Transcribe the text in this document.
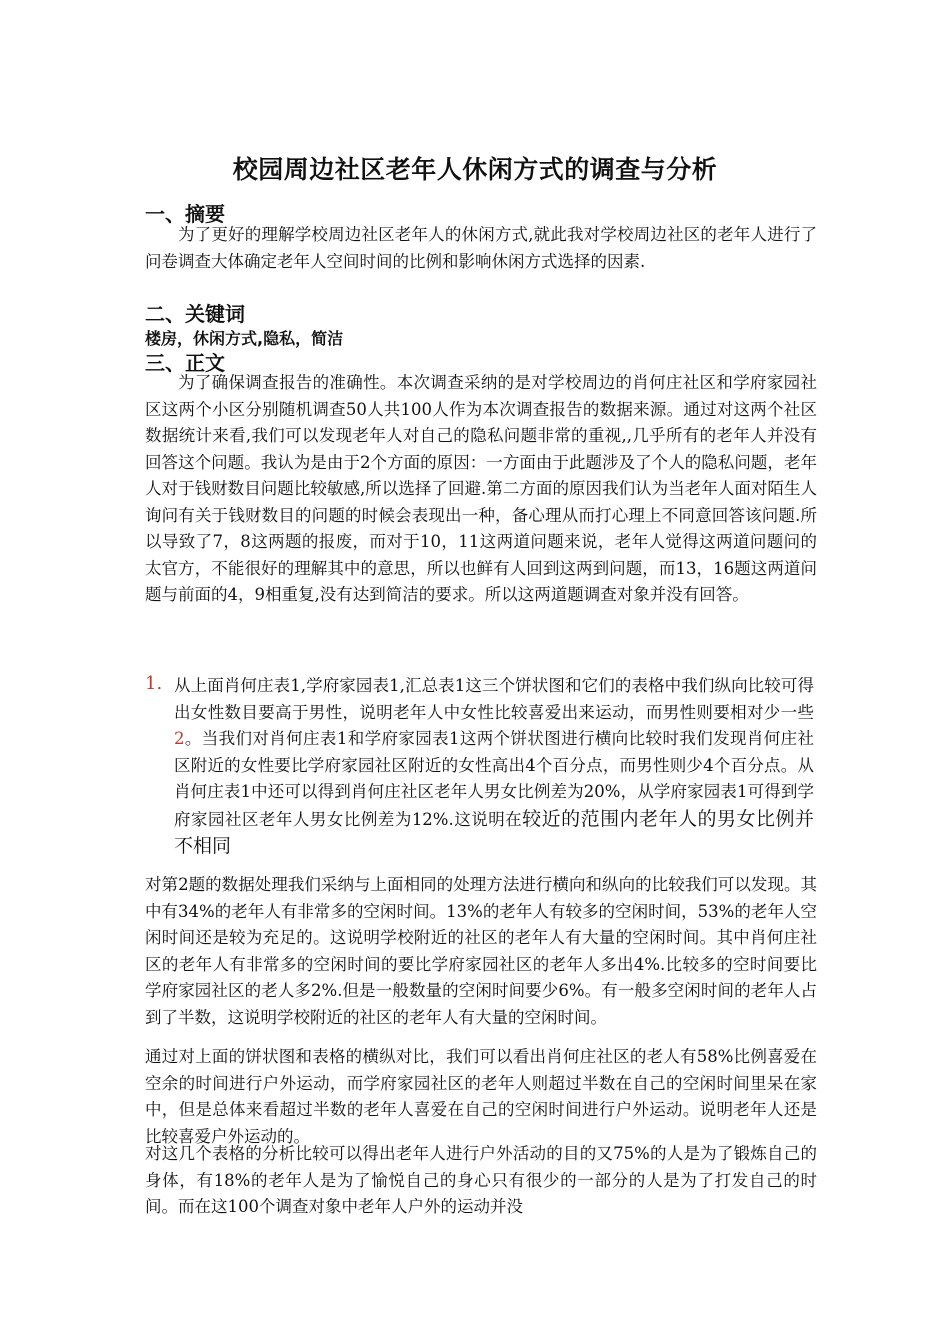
校园周边社区老年人休闲方式的调查与分析
一、摘要

为了更好的理解学校周边社区老年人的休闲方式,就此我对学校周边社区的老年人进行了问卷调查大体确定老年人空间时间的比例和影响休闲方式选择的因素.

二、关键词
楼房，休闲方式,隐私，简洁
三、正文

为了确保调查报告的准确性。本次调查采纳的是对学校周边的肖何庄社区和学府家园社区这两个小区分别随机调查50人共100人作为本次调查报告的数据来源。通过对这两个社区数据统计来看,我们可以发现老年人对自己的隐私问题非常的重视,,几乎所有的老年人并没有回答这个问题。我认为是由于2个方面的原因：一方面由于此题涉及了个人的隐私问题，老年人对于钱财数目问题比较敏感,所以选择了回避.第二方面的原因我们认为当老年人面对陌生人询问有关于钱财数目的问题的时候会表现出一种，备心理从而打心理上不同意回答该问题.所以导致了7，8这两题的报废，而对于10，11这两道问题来说，老年人觉得这两道问题问的太官方，不能很好的理解其中的意思，所以也鲜有人回到这两到问题，而13，16题这两道问题与前面的4，9相重复,没有达到简洁的要求。所以这两道题调查对象并没有回答。

1. 从上面肖何庄表1,学府家园表1,汇总表1这三个饼状图和它们的表格中我们纵向比较可得出女性数目要高于男性，说明老年人中女性比较喜爱出来运动，而男性则要相对少一些2。当我们对肖何庄表1和学府家园表1这两个饼状图进行横向比较时我们发现肖何庄社区附近的女性要比学府家园社区附近的女性高出4个百分点，而男性则少4个百分点。从肖何庄表1中还可以得到肖何庄社区老年人男女比例差为20%，从学府家园表1可得到学府家园社区老年人男女比例差为12%.这说明在较近的范围内老年人的男女比例并不相同

对第2题的数据处理我们采纳与上面相同的处理方法进行横向和纵向的比较我们可以发现。其中有34%的老年人有非常多的空闲时间。13%的老年人有较多的空闲时间，53%的老年人空闲时间还是较为充足的。这说明学校附近的社区的老年人有大量的空闲时间。其中肖何庄社区的老年人有非常多的空闲时间的要比学府家园社区的老年人多出4%.比较多的空时间要比学府家园社区的老人多2%.但是一般数量的空闲时间要少6%。有一般多空闲时间的老年人占到了半数，这说明学校附近的社区的老年人有大量的空闲时间。

通过对上面的饼状图和表格的横纵对比，我们可以看出肖何庄社区的老人有58%比例喜爱在空余的时间进行户外运动，而学府家园社区的老年人则超过半数在自己的空闲时间里呆在家中，但是总体来看超过半数的老年人喜爱在自己的空闲时间进行户外运动。说明老年人还是比较喜爱户外运动的。

对这几个表格的分析比较可以得出老年人进行户外活动的目的又75%的人是为了锻炼自己的身体，有18%的老年人是为了愉悦自己的身心只有很少的一部分的人是为了打发自己的时间。而在这100个调查对象中老年人户外的运动并没
